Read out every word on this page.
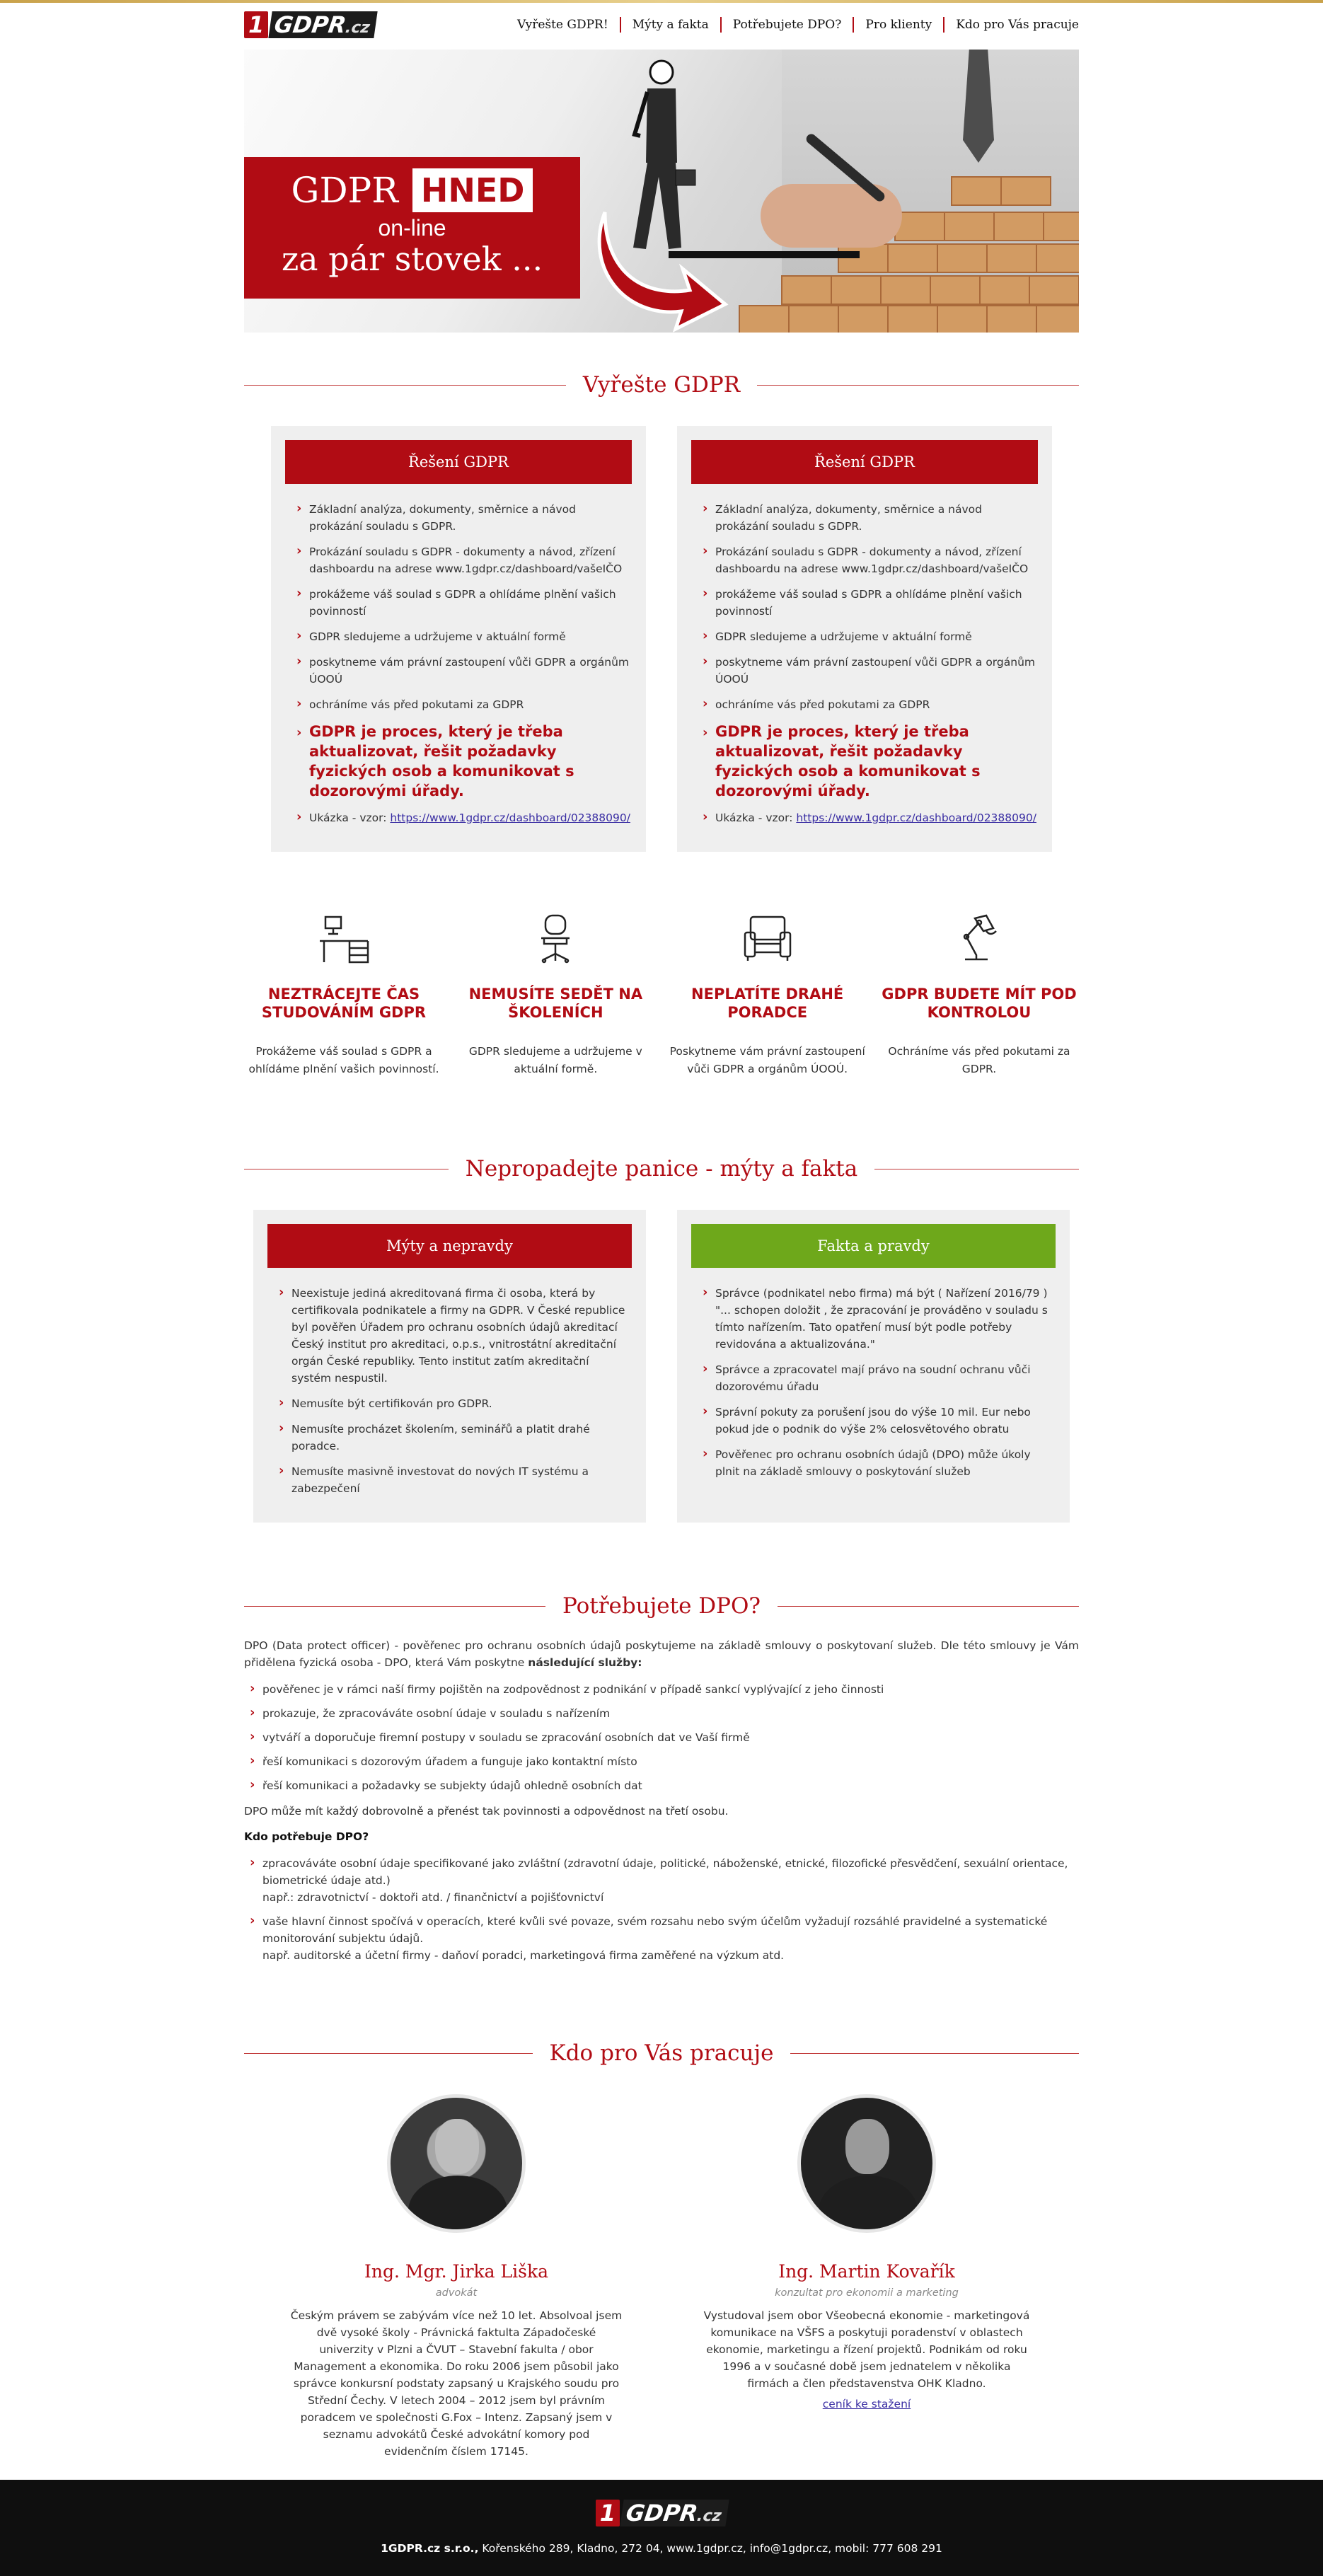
1 GDPR.cz	Vyřešte GDPR!	Mýty a fakta	Potřebujete DPO?	Pro klienty	Kdo pro Vás pracuje
GDPR HNED
on-line
za pár stovek ...
Vyřešte GDPR
Řešení GDPR
› Základní analýza, dokumenty, směrnice a návod prokázání souladu s GDPR.
› Prokázání souladu s GDPR - dokumenty a návod, zřízení dashboardu na adrese www.1gdpr.cz/dashboard/vašeIČO
› prokážeme váš soulad s GDPR a ohlídáme plnění vašich povinností
› GDPR sledujeme a udržujeme v aktuální formě
› poskytneme vám právní zastoupení vůči GDPR a orgánům ÚOOÚ
› ochráníme vás před pokutami za GDPR
› GDPR je proces, který je třeba aktualizovat, řešit požadavky fyzických osob a komunikovat s dozorovými úřady.
› Ukázka - vzor: https://www.1gdpr.cz/dashboard/02388090/
Řešení GDPR
› Základní analýza, dokumenty, směrnice a návod prokázání souladu s GDPR.
› Prokázání souladu s GDPR - dokumenty a návod, zřízení dashboardu na adrese www.1gdpr.cz/dashboard/vašeIČO
› prokážeme váš soulad s GDPR a ohlídáme plnění vašich povinností
› GDPR sledujeme a udržujeme v aktuální formě
› poskytneme vám právní zastoupení vůči GDPR a orgánům ÚOOÚ
› ochráníme vás před pokutami za GDPR
› GDPR je proces, který je třeba aktualizovat, řešit požadavky fyzických osob a komunikovat s dozorovými úřady.
› Ukázka - vzor: https://www.1gdpr.cz/dashboard/02388090/
NEZTRÁCEJTE ČAS STUDOVÁNÍM GDPR

Prokážeme váš soulad s GDPR a ohlídáme plnění vašich povinností.

NEMUSÍTE SEDĚT NA ŠKOLENÍCH

GDPR sledujeme a udržujeme v aktuální formě.

NEPLATÍTE DRAHÉ PORADCE

Poskytneme vám právní zastoupení vůči GDPR a orgánům ÚOOÚ.

GDPR BUDETE MÍT POD KONTROLOU

Ochráníme vás před pokutami za GDPR.

Nepropadejte panice - mýty a fakta
Mýty a nepravdy
› Neexistuje jediná akreditovaná firma či osoba, která by certifikovala podnikatele a firmy na GDPR. V České republice byl pověřen Úřadem pro ochranu osobních údajů akreditací Český institut pro akreditaci, o.p.s., vnitrostátní akreditační orgán České republiky. Tento institut zatím akreditační systém nespustil.
› Nemusíte být certifikován pro GDPR.
› Nemusíte procházet školením, seminářů a platit drahé poradce.
› Nemusíte masivně investovat do nových IT systému a zabezpečení
Fakta a pravdy
› Správce (podnikatel nebo firma) má být ( Nařízení 2016/79 ) "... schopen doložit , že zpracování je prováděno v souladu s tímto nařízením. Tato opatření musí být podle potřeby revidována a aktualizována."
› Správce a zpracovatel mají právo na soudní ochranu vůči dozorovému úřadu
› Správní pokuty za porušení jsou do výše 10 mil. Eur nebo pokud jde o podnik do výše 2% celosvětového obratu
› Pověřenec pro ochranu osobních údajů (DPO) může úkoly plnit na základě smlouvy o poskytování služeb
Potřebujete DPO?

DPO (Data protect officer) - pověřenec pro ochranu osobních údajů poskytujeme na základě smlouvy o poskytovaní služeb. Dle této smlouvy je Vám přidělena fyzická osoba - DPO, která Vám poskytne následující služby:

› pověřenec je v rámci naší firmy pojištěn na zodpovědnost z podnikání v případě sankcí vyplývající z jeho činnosti
› prokazuje, že zpracováváte osobní údaje v souladu s nařízením
› vytváří a doporučuje firemní postupy v souladu se zpracování osobních dat ve Vaší firmě
› řeší komunikaci s dozorovým úřadem a funguje jako kontaktní místo
› řeší komunikaci a požadavky se subjekty údajů ohledně osobních dat

DPO může mít každý dobrovolně a přenést tak povinnosti a odpovědnost na třetí osobu.

Kdo potřebuje DPO?

› zpracováváte osobní údaje specifikované jako zvláštní (zdravotní údaje, politické, náboženské, etnické, filozofické přesvědčení, sexuální orientace, biometrické údaje atd.)
např.: zdravotnictví - doktoři atd. / finančnictví a pojišťovnictví
› vaše hlavní činnost spočívá v operacích, které kvůli své povaze, svém rozsahu nebo svým účelům vyžadují rozsáhlé pravidelné a systematické monitorování subjektu údajů.
např. auditorské a účetní firmy - daňoví poradci, marketingová firma zaměřené na výzkum atd.
Kdo pro Vás pracuje
Ing. Mgr. Jirka Liška
advokát
Českým právem se zabývám více než 10 let. Absolvoal jsem dvě vysoké školy - Právnická faktulta Západočeské univerzity v Plzni a ČVUT – Stavební fakulta / obor Management a ekonomika. Do roku 2006 jsem působil jako správce konkursní podstaty zapsaný u Krajského soudu pro Střední Čechy. V letech 2004 – 2012 jsem byl právním poradcem ve společnosti G.Fox – Intenz. Zapsaný jsem v seznamu advokátů České advokátní komory pod evidenčním číslem 17145.
Ing. Martin Kovařík
konzultat pro ekonomii a marketing
Vystudoval jsem obor Všeobecná ekonomie - marketingová komunikace na VŠFS a poskytuji poradenství v oblastech ekonomie, marketingu a řízení projektů. Podnikám od roku 1996 a v současné době jsem jednatelem v několika firmách a člen představenstva OHK Kladno.
ceník ke stažení
1 GDPR.cz
1GDPR.cz s.r.o., Kořenského 289, Kladno, 272 04, www.1gdpr.cz, info@1gdpr.cz, mobil: 777 608 291
